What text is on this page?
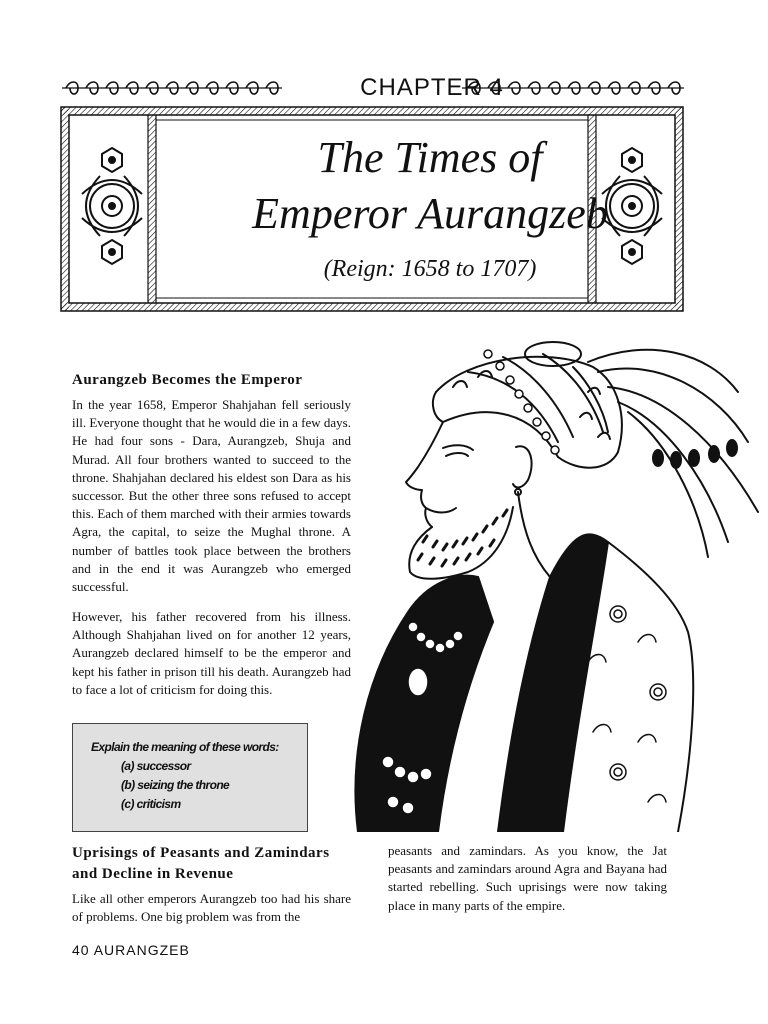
CHAPTER 4
The Times of
Emperor Aurangzeb
(Reign: 1658 to 1707)
Aurangzeb Becomes the Emperor

In the year 1658, Emperor Shahjahan fell seriously ill. Everyone thought that he would die in a few days. He had four sons - Dara, Aurangzeb, Shuja and Murad. All four brothers wanted to succeed to the throne. Shahjahan declared his eldest son Dara as his successor. But the other three sons refused to accept this. Each of them marched with their armies towards Agra, the capital, to seize the Mughal throne. A number of battles took place between the brothers and in the end it was Aurangzeb who emerged successful.

However, his father recovered from his illness. Although Shahjahan lived on for another 12 years, Aurangzeb declared himself to be the emperor and kept his father in prison till his death. Aurangzeb had to face a lot of criticism for doing this.

Explain the meaning of these words:
(a) successor
(b) seizing the throne
(c) criticism
Uprisings of Peasants and Zamindars
and Decline in Revenue

Like all other emperors Aurangzeb too had his share of problems. One big problem was from the

peasants and zamindars. As you know, the Jat peasants and zamindars around Agra and Bayana had started rebelling. Such uprisings were now taking place in many parts of the empire.

40 AURANGZEB
